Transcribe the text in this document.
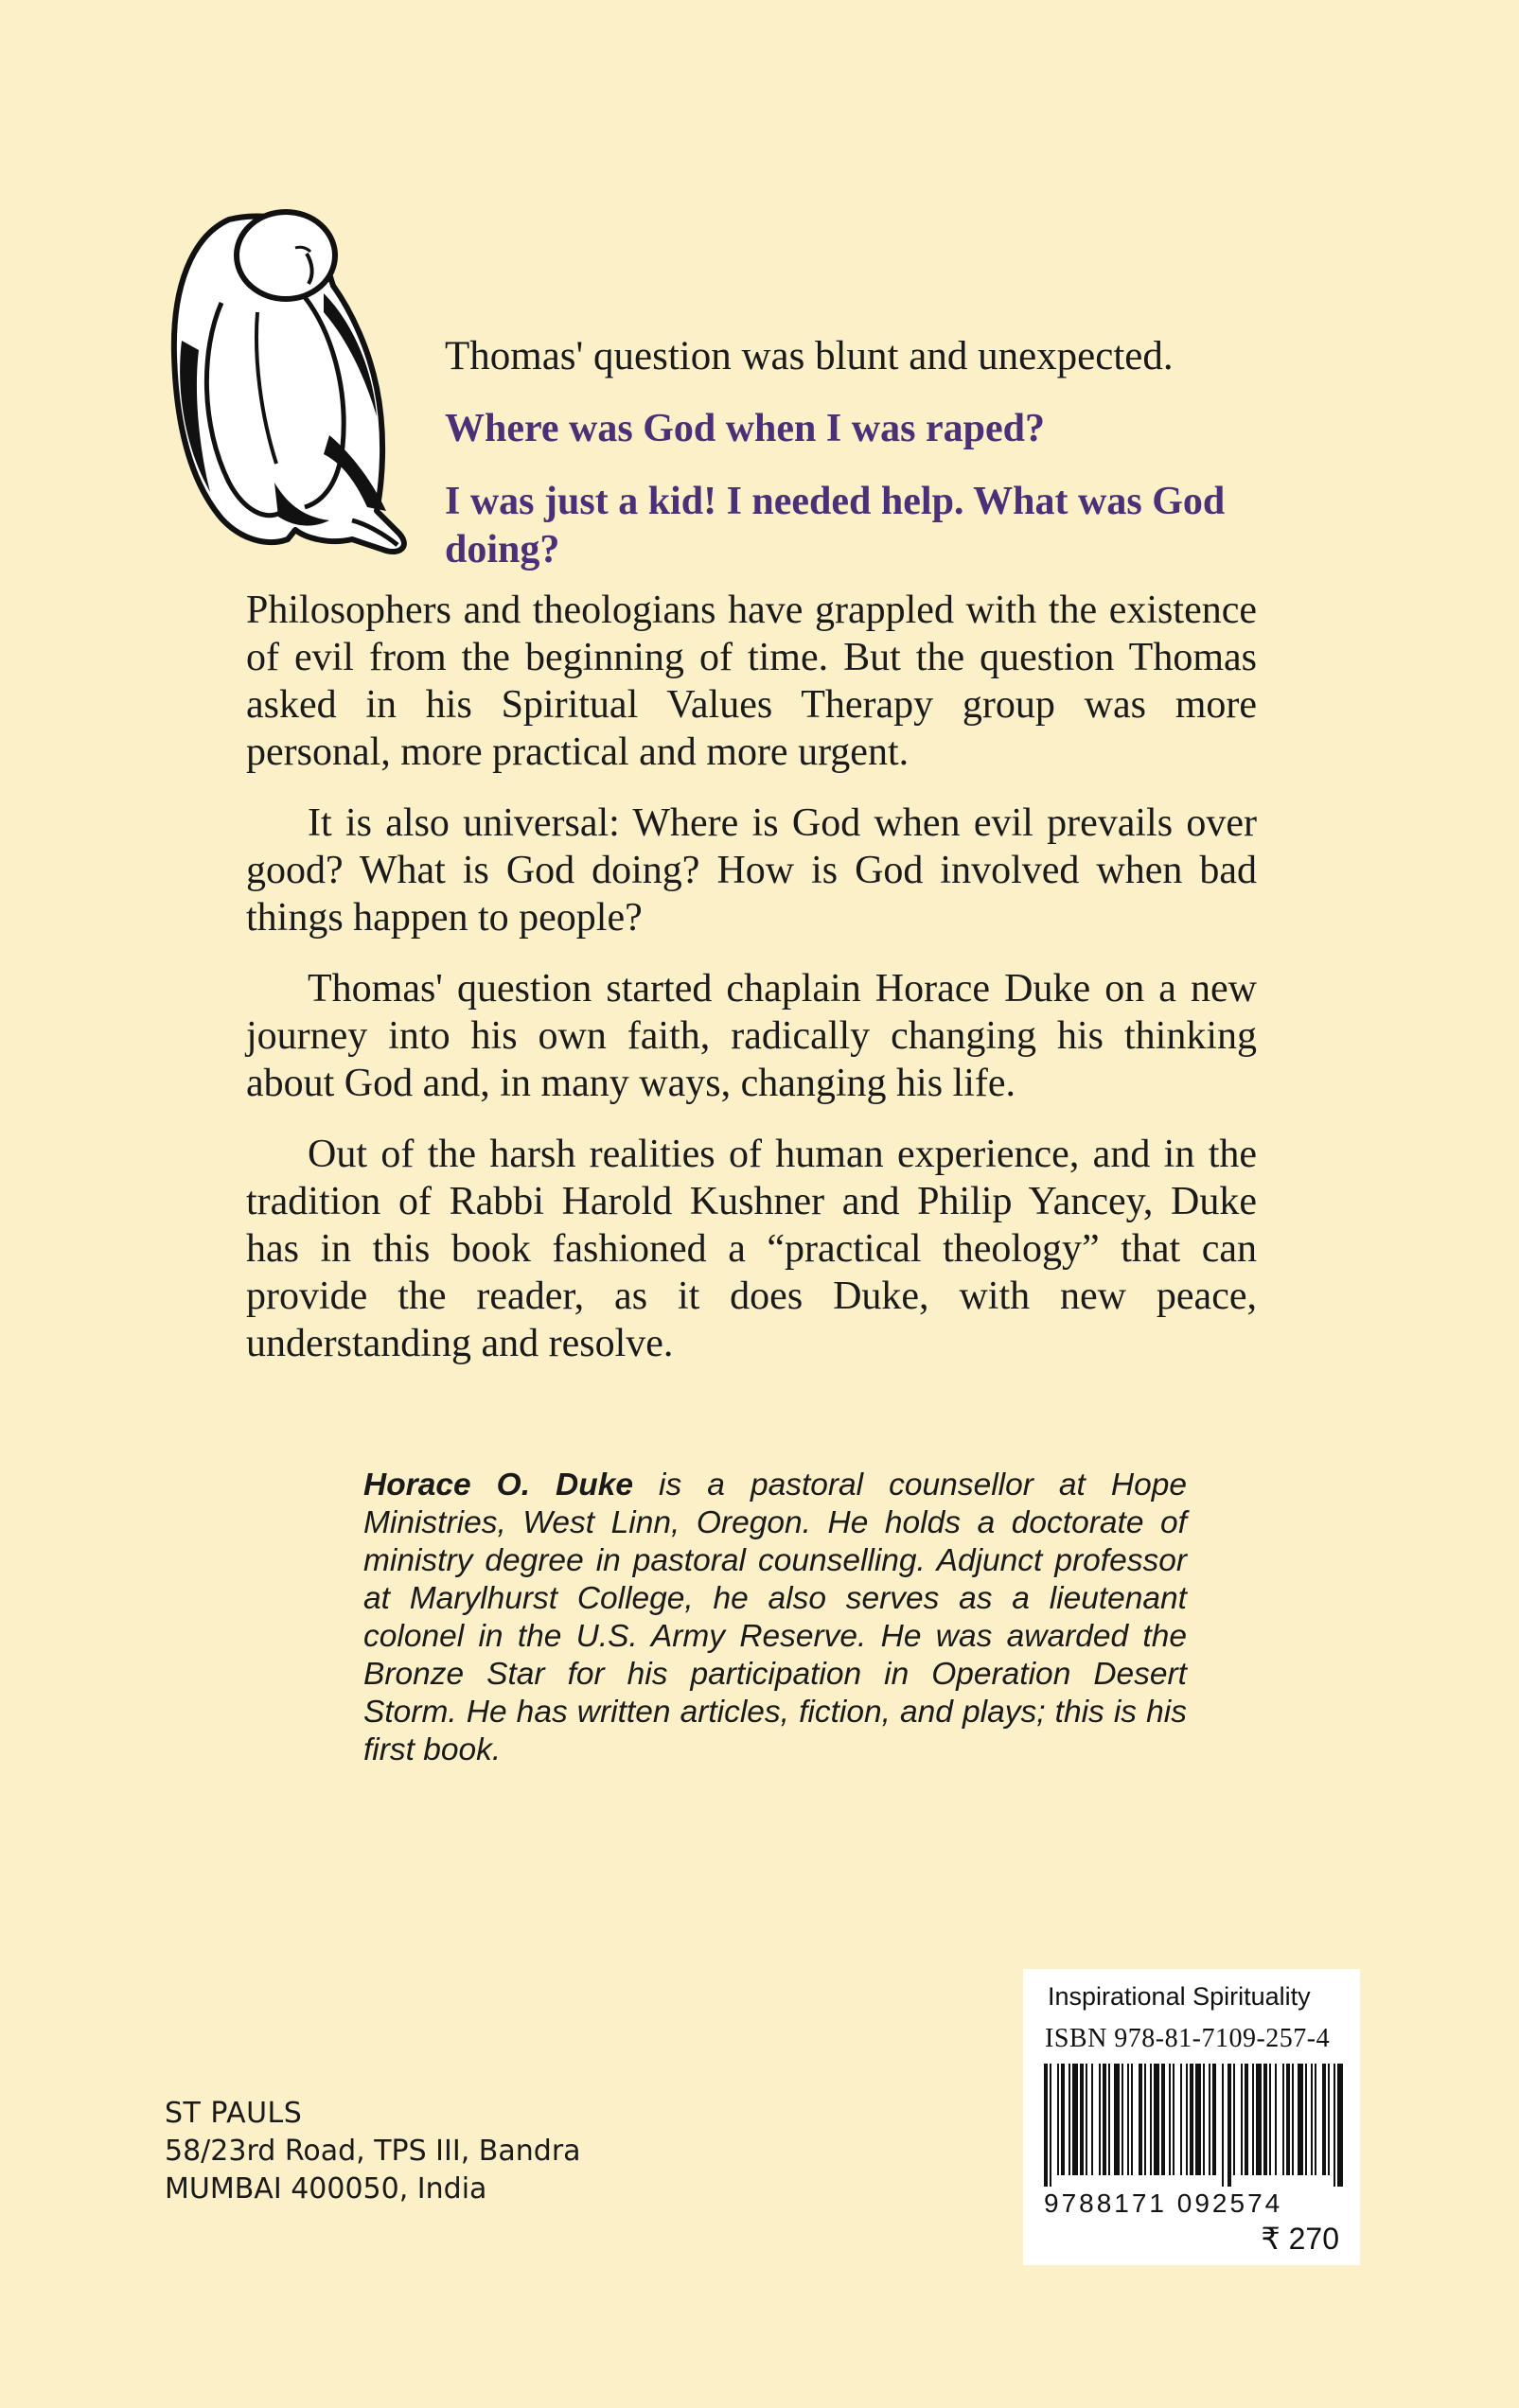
Thomas' question was blunt and unexpected.

Where was God when I was raped?

I was just a kid! I needed help. What was God doing?

Philosophers and theologians have grappled with the existence of evil from the beginning of time. But the question Thomas asked in his Spiritual Values Therapy group was more personal, more practical and more urgent.

It is also universal: Where is God when evil prevails over good? What is God doing? How is God involved when bad things happen to people?

Thomas' question started chaplain Horace Duke on a new journey into his own faith, radically changing his thinking about God and, in many ways, changing his life.

Out of the harsh realities of human experience, and in the tradition of Rabbi Harold Kushner and Philip Yancey, Duke has in this book fashioned a “practical theology” that can provide the reader, as it does Duke, with new peace, understanding and resolve.

Horace O. Duke is a pastoral counsellor at Hope Ministries, West Linn, Oregon. He holds a doctorate of ministry degree in pastoral counselling. Adjunct professor at Marylhurst College, he also serves as a lieutenant colonel in the U.S. Army Reserve. He was awarded the Bronze Star for his participation in Operation Desert Storm. He has written articles, fiction, and plays; this is his first book.
ST PAULS
58/23rd Road, TPS III, Bandra
MUMBAI 400050, India
Inspirational Spirituality
ISBN 978-81-7109-257-4
9788171 092574
₹ 270
